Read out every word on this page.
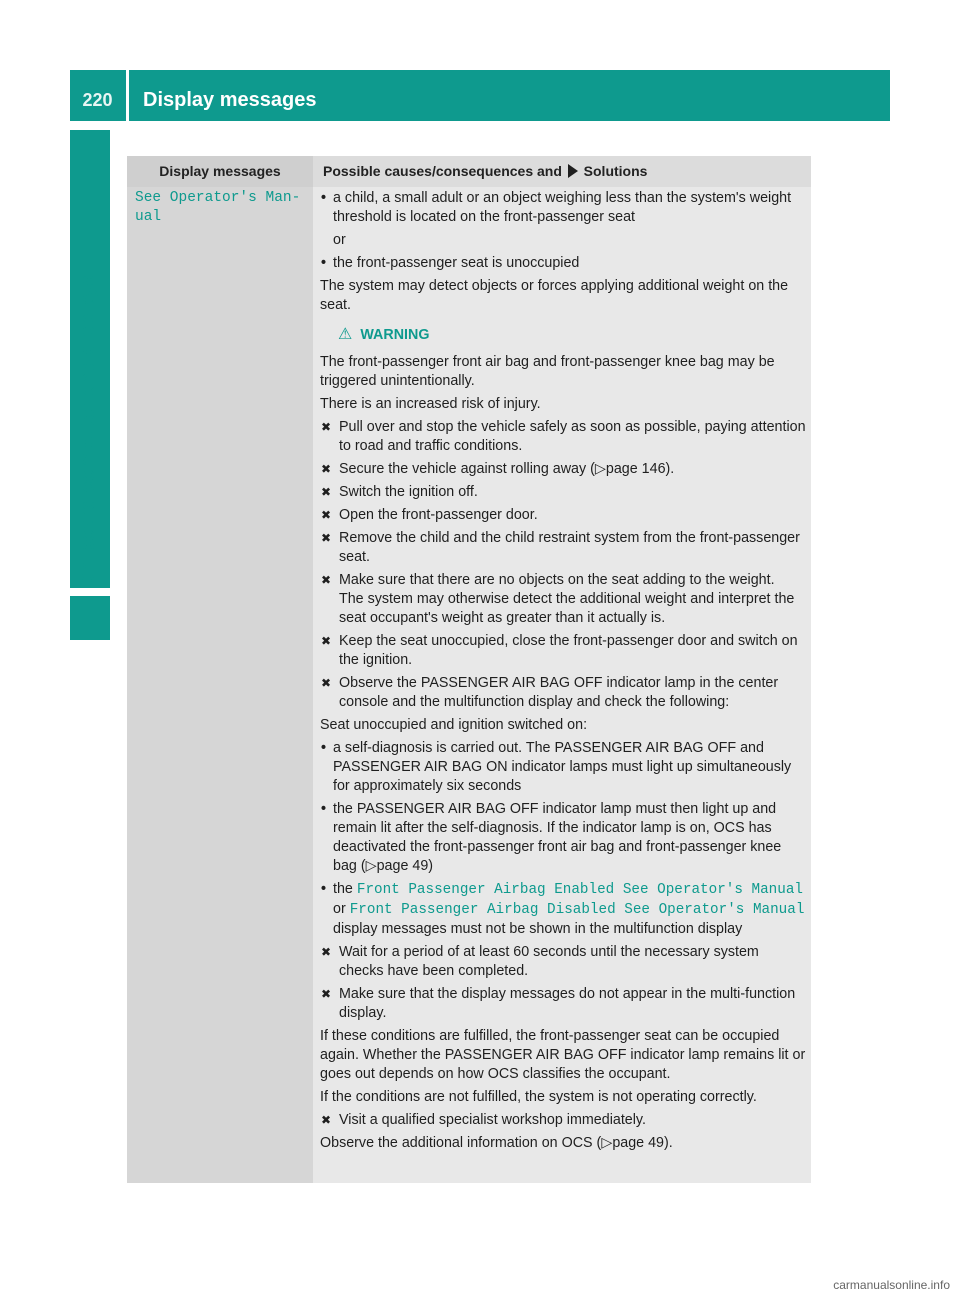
220	Display messages
On-board computer and displays
Display messages	Possible causes/consequences and Solutions
See Operator's Man‐
ual
• a child, a small adult or an object weighing less than the system's weight threshold is located on the front-passenger seat

or

• the front-passenger seat is unoccupied

The system may detect objects or forces applying additional weight on the seat.

⚠ WARNING

The front-passenger front air bag and front-passenger knee bag may be triggered unintentionally.

There is an increased risk of injury.

✖ Pull over and stop the vehicle safely as soon as possible, paying attention to road and traffic conditions.
✖ Secure the vehicle against rolling away (▷page 146).
✖ Switch the ignition off.
✖ Open the front-passenger door.
✖ Remove the child and the child restraint system from the front-passenger seat.
✖ Make sure that there are no objects on the seat adding to the weight.
The system may otherwise detect the additional weight and interpret the seat occupant's weight as greater than it actually is.
✖ Keep the seat unoccupied, close the front-passenger door and switch on the ignition.
✖ Observe the PASSENGER AIR BAG OFF indicator lamp in the center console and the multifunction display and check the following:

Seat unoccupied and ignition switched on:

• a self-diagnosis is carried out. The PASSENGER AIR BAG OFF and PASSENGER AIR BAG ON indicator lamps must light up simultaneously for approximately six seconds
• the PASSENGER AIR BAG OFF indicator lamp must then light up and remain lit after the self-diagnosis. If the indicator lamp is on, OCS has deactivated the front-passenger front air bag and front-passenger knee bag (▷page 49)
• the Front Passenger Airbag Enabled See Operator's Manual or Front Passenger Airbag Disabled See Operator's Manual display messages must not be shown in the multifunction display
✖ Wait for a period of at least 60 seconds until the necessary system checks have been completed.
✖ Make sure that the display messages do not appear in the multi-function display.

If these conditions are fulfilled, the front-passenger seat can be occupied again. Whether the PASSENGER AIR BAG OFF indicator lamp remains lit or goes out depends on how OCS classifies the occupant.

If the conditions are not fulfilled, the system is not operating correctly.

✖ Visit a qualified specialist workshop immediately.

Observe the additional information on OCS (▷page 49).

carmanualsonline.info
